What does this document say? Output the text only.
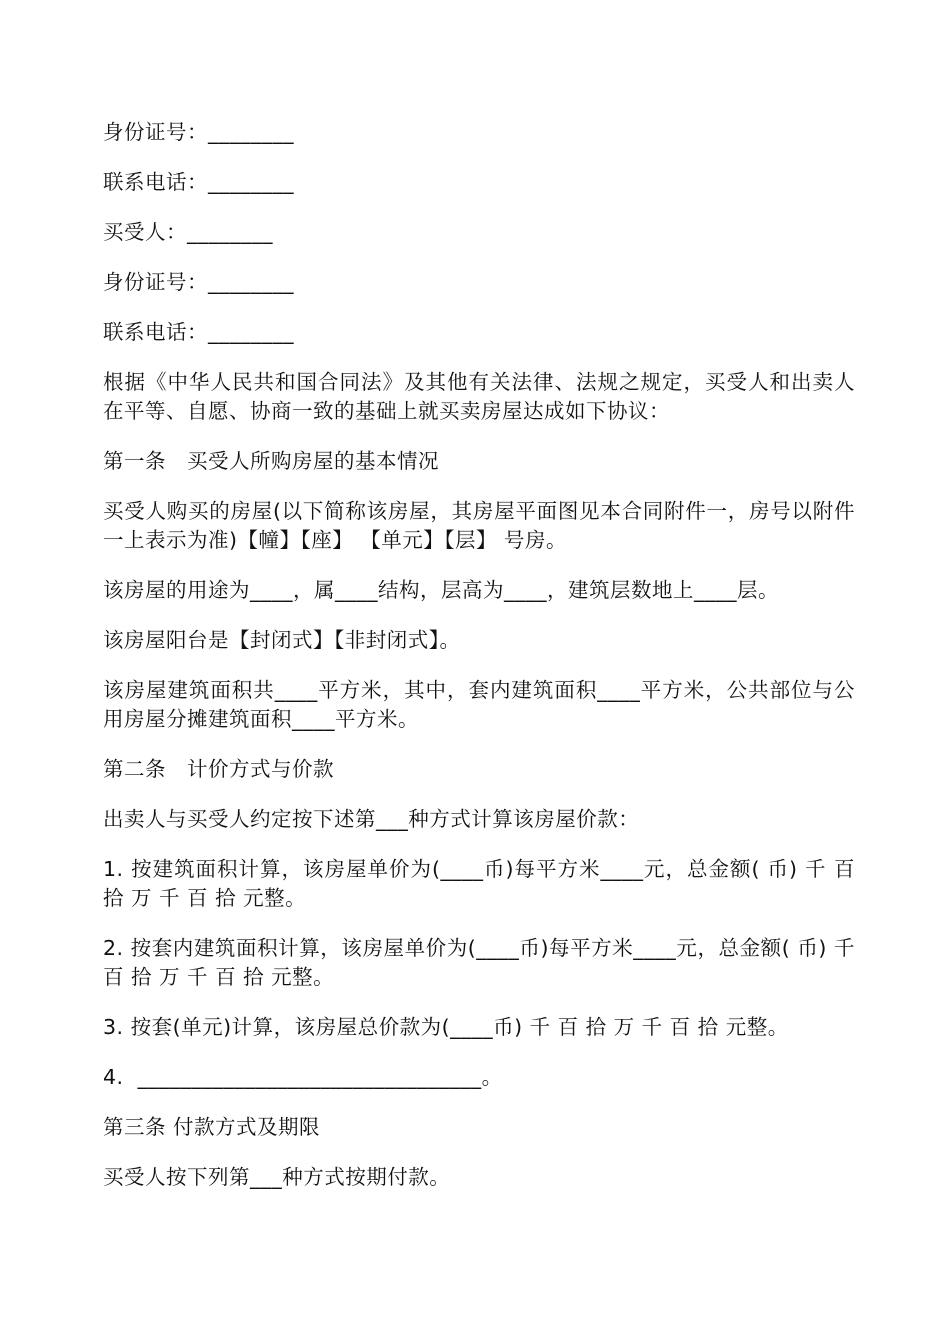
身份证号：________

联系电话：________

买受人：________

身份证号：________

联系电话：________

根据《中华人民共和国合同法》及其他有关法律、法规之规定，买受人和出卖人在平等、自愿、协商一致的基础上就买卖房屋达成如下协议：

第一条　买受人所购房屋的基本情况

买受人购买的房屋(以下简称该房屋，其房屋平面图见本合同附件一，房号以附件一上表示为准)【幢】【座】 【单元】【层】 号房。

该房屋的用途为____，属____结构，层高为____，建筑层数地上____层。

该房屋阳台是【封闭式】【非封闭式】。

该房屋建筑面积共____平方米，其中，套内建筑面积____平方米，公共部位与公用房屋分摊建筑面积____平方米。

第二条　计价方式与价款

出卖人与买受人约定按下述第___种方式计算该房屋价款：

1. 按建筑面积计算，该房屋单价为(____币)每平方米____元，总金额( 币) 千 百 拾 万 千 百 拾 元整。

2. 按套内建筑面积计算，该房屋单价为(____币)每平方米____元，总金额( 币) 千 百 拾 万 千 百 拾 元整。

3. 按套(单元)计算，该房屋总价款为(____币) 千 百 拾 万 千 百 拾 元整。

4.  ________________________________。

第三条 付款方式及期限

买受人按下列第___种方式按期付款。
